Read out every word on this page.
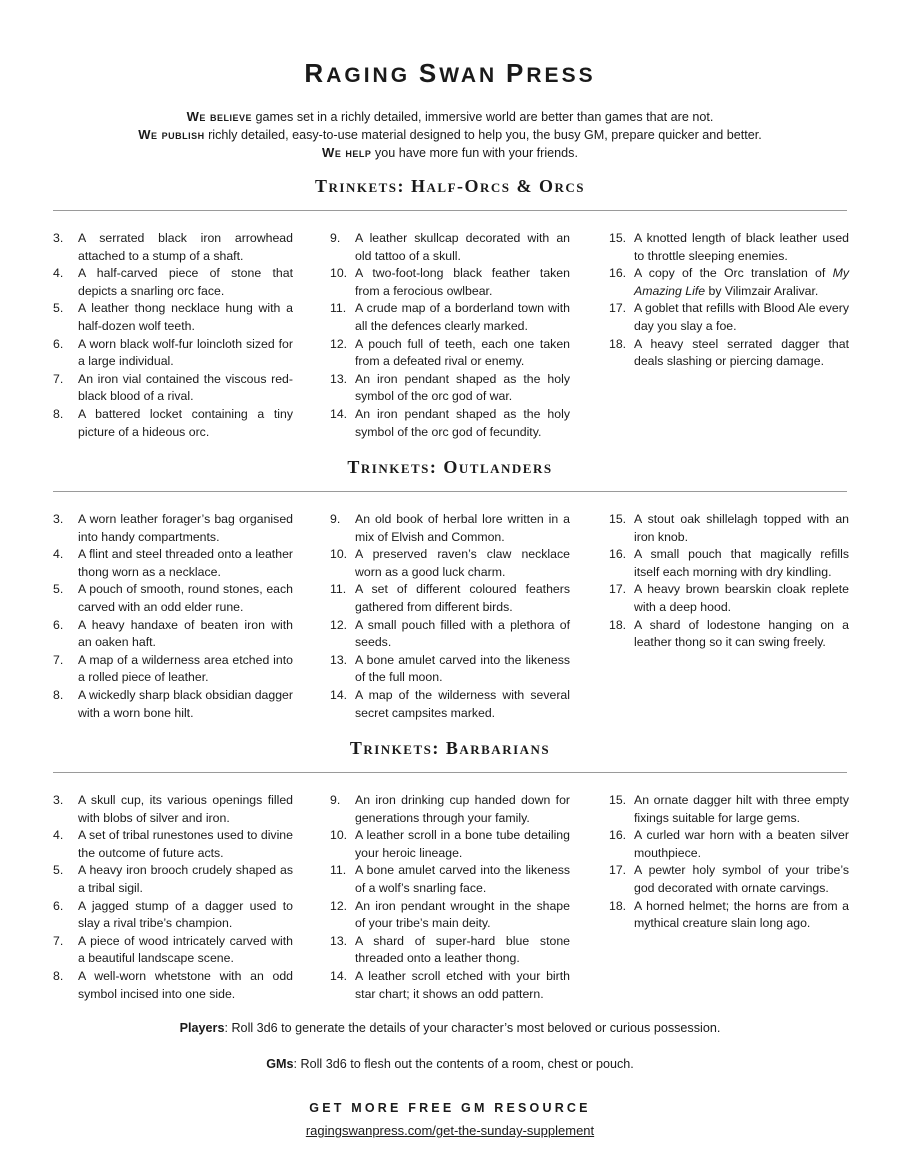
RAGING SWAN PRESS
We believe games set in a richly detailed, immersive world are better than games that are not.
We publish richly detailed, easy-to-use material designed to help you, the busy GM, prepare quicker and better.
We help you have more fun with your friends.
Trinkets: Half-Orcs & Orcs
3. A serrated black iron arrowhead attached to a stump of a shaft.
4. A half-carved piece of stone that depicts a snarling orc face.
5. A leather thong necklace hung with a half-dozen wolf teeth.
6. A worn black wolf-fur loincloth sized for a large individual.
7. An iron vial contained the viscous red-black blood of a rival.
8. A battered locket containing a tiny picture of a hideous orc.
9. A leather skullcap decorated with an old tattoo of a skull.
10. A two-foot-long black feather taken from a ferocious owlbear.
11. A crude map of a borderland town with all the defences clearly marked.
12. A pouch full of teeth, each one taken from a defeated rival or enemy.
13. An iron pendant shaped as the holy symbol of the orc god of war.
14. An iron pendant shaped as the holy symbol of the orc god of fecundity.
15. A knotted length of black leather used to throttle sleeping enemies.
16. A copy of the Orc translation of My Amazing Life by Vilimzair Aralivar.
17. A goblet that refills with Blood Ale every day you slay a foe.
18. A heavy steel serrated dagger that deals slashing or piercing damage.
Trinkets: Outlanders
3. A worn leather forager’s bag organised into handy compartments.
4. A flint and steel threaded onto a leather thong worn as a necklace.
5. A pouch of smooth, round stones, each carved with an odd elder rune.
6. A heavy handaxe of beaten iron with an oaken haft.
7. A map of a wilderness area etched into a rolled piece of leather.
8. A wickedly sharp black obsidian dagger with a worn bone hilt.
9. An old book of herbal lore written in a mix of Elvish and Common.
10. A preserved raven’s claw necklace worn as a good luck charm.
11. A set of different coloured feathers gathered from different birds.
12. A small pouch filled with a plethora of seeds.
13. A bone amulet carved into the likeness of the full moon.
14. A map of the wilderness with several secret campsites marked.
15. A stout oak shillelagh topped with an iron knob.
16. A small pouch that magically refills itself each morning with dry kindling.
17. A heavy brown bearskin cloak replete with a deep hood.
18. A shard of lodestone hanging on a leather thong so it can swing freely.
Trinkets: Barbarians
3. A skull cup, its various openings filled with blobs of silver and iron.
4. A set of tribal runestones used to divine the outcome of future acts.
5. A heavy iron brooch crudely shaped as a tribal sigil.
6. A jagged stump of a dagger used to slay a rival tribe’s champion.
7. A piece of wood intricately carved with a beautiful landscape scene.
8. A well-worn whetstone with an odd symbol incised into one side.
9. An iron drinking cup handed down for generations through your family.
10. A leather scroll in a bone tube detailing your heroic lineage.
11. A bone amulet carved into the likeness of a wolf’s snarling face.
12. An iron pendant wrought in the shape of your tribe’s main deity.
13. A shard of super-hard blue stone threaded onto a leather thong.
14. A leather scroll etched with your birth star chart; it shows an odd pattern.
15. An ornate dagger hilt with three empty fixings suitable for large gems.
16. A curled war horn with a beaten silver mouthpiece.
17. A pewter holy symbol of your tribe’s god decorated with ornate carvings.
18. A horned helmet; the horns are from a mythical creature slain long ago.
Players: Roll 3d6 to generate the details of your character’s most beloved or curious possession.
GMs: Roll 3d6 to flesh out the contents of a room, chest or pouch.
GET MORE FREE GM RESOURCE
ragingswanpress.com/get-the-sunday-supplement
